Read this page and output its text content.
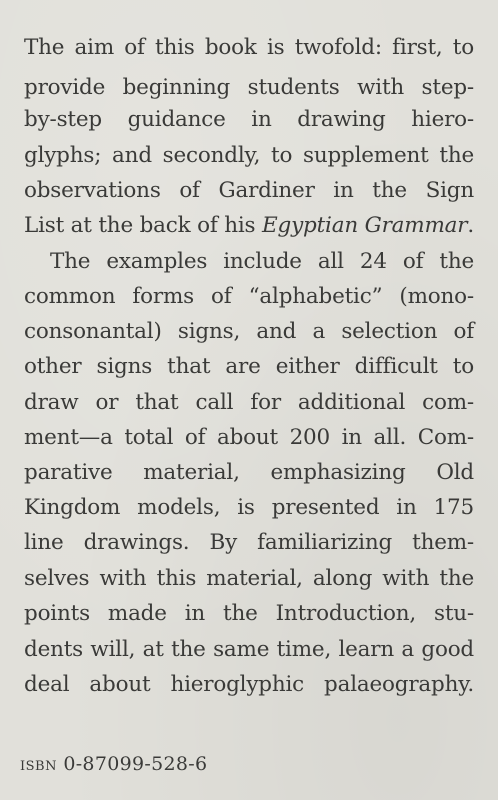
The aim of this book is twofold: first, to
provide beginning students with step-
by-step guidance in drawing hiero-
glyphs; and secondly, to supplement the
observations of Gardiner in the Sign
List at the back of his Egyptian Grammar.
The examples include all 24 of the
common forms of “alphabetic” (mono-
consonantal) signs, and a selection of
other signs that are either difficult to
draw or that call for additional com-
ment—a total of about 200 in all. Com-
parative material, emphasizing Old
Kingdom models, is presented in 175
line drawings. By familiarizing them-
selves with this material, along with the
points made in the Introduction, stu-
dents will, at the same time, learn a good
deal about hieroglyphic palaeography.
ISBN 0-87099-528-6
